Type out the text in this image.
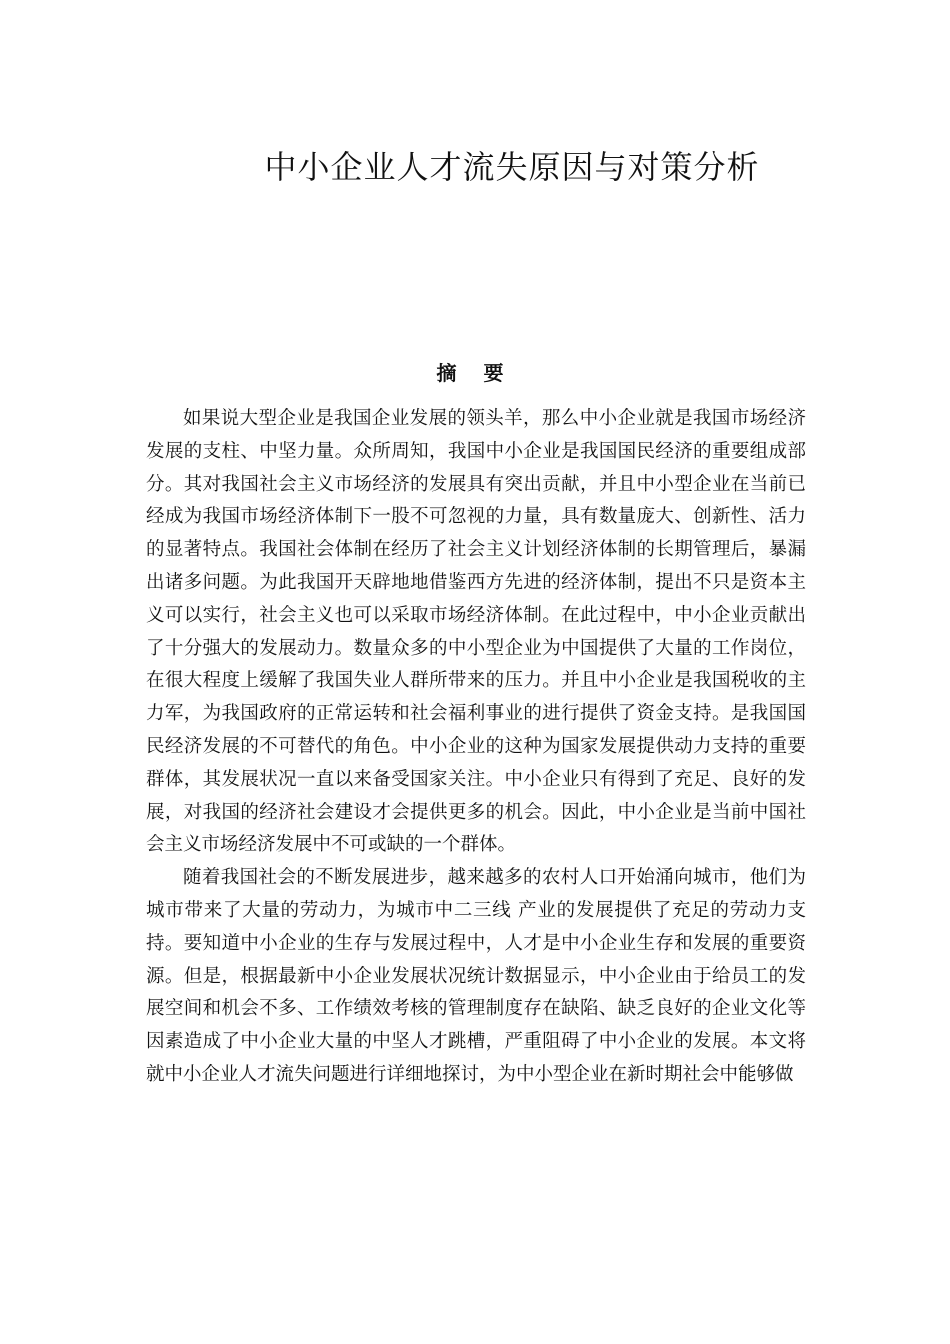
中小企业人才流失原因与对策分析
摘 要

如果说大型企业是我国企业发展的领头羊，那么中小企业就是我国市场经济发展的支柱、中坚力量。众所周知，我国中小企业是我国国民经济的重要组成部分。其对我国社会主义市场经济的发展具有突出贡献，并且中小型企业在当前已经成为我国市场经济体制下一股不可忽视的力量，具有数量庞大、创新性、活力的显著特点。我国社会体制在经历了社会主义计划经济体制的长期管理后，暴漏出诸多问题。为此我国开天辟地地借鉴西方先进的经济体制，提出不只是资本主义可以实行，社会主义也可以采取市场经济体制。在此过程中，中小企业贡献出了十分强大的发展动力。数量众多的中小型企业为中国提供了大量的工作岗位，在很大程度上缓解了我国失业人群所带来的压力。并且中小企业是我国税收的主力军，为我国政府的正常运转和社会福利事业的进行提供了资金支持。是我国国民经济发展的不可替代的角色。中小企业的这种为国家发展提供动力支持的重要群体，其发展状况一直以来备受国家关注。中小企业只有得到了充足、良好的发展，对我国的经济社会建设才会提供更多的机会。因此，中小企业是当前中国社会主义市场经济发展中不可或缺的一个群体。

随着我国社会的不断发展进步，越来越多的农村人口开始涌向城市，他们为城市带来了大量的劳动力，为城市中二三线 产业的发展提供了充足的劳动力支持。要知道中小企业的生存与发展过程中，人才是中小企业生存和发展的重要资源。但是，根据最新中小企业发展状况统计数据显示，中小企业由于给员工的发展空间和机会不多、工作绩效考核的管理制度存在缺陷、缺乏良好的企业文化等因素造成了中小企业大量的中坚人才跳槽，严重阻碍了中小企业的发展。本文将就中小企业人才流失问题进行详细地探讨，为中小型企业在新时期社会中能够做
